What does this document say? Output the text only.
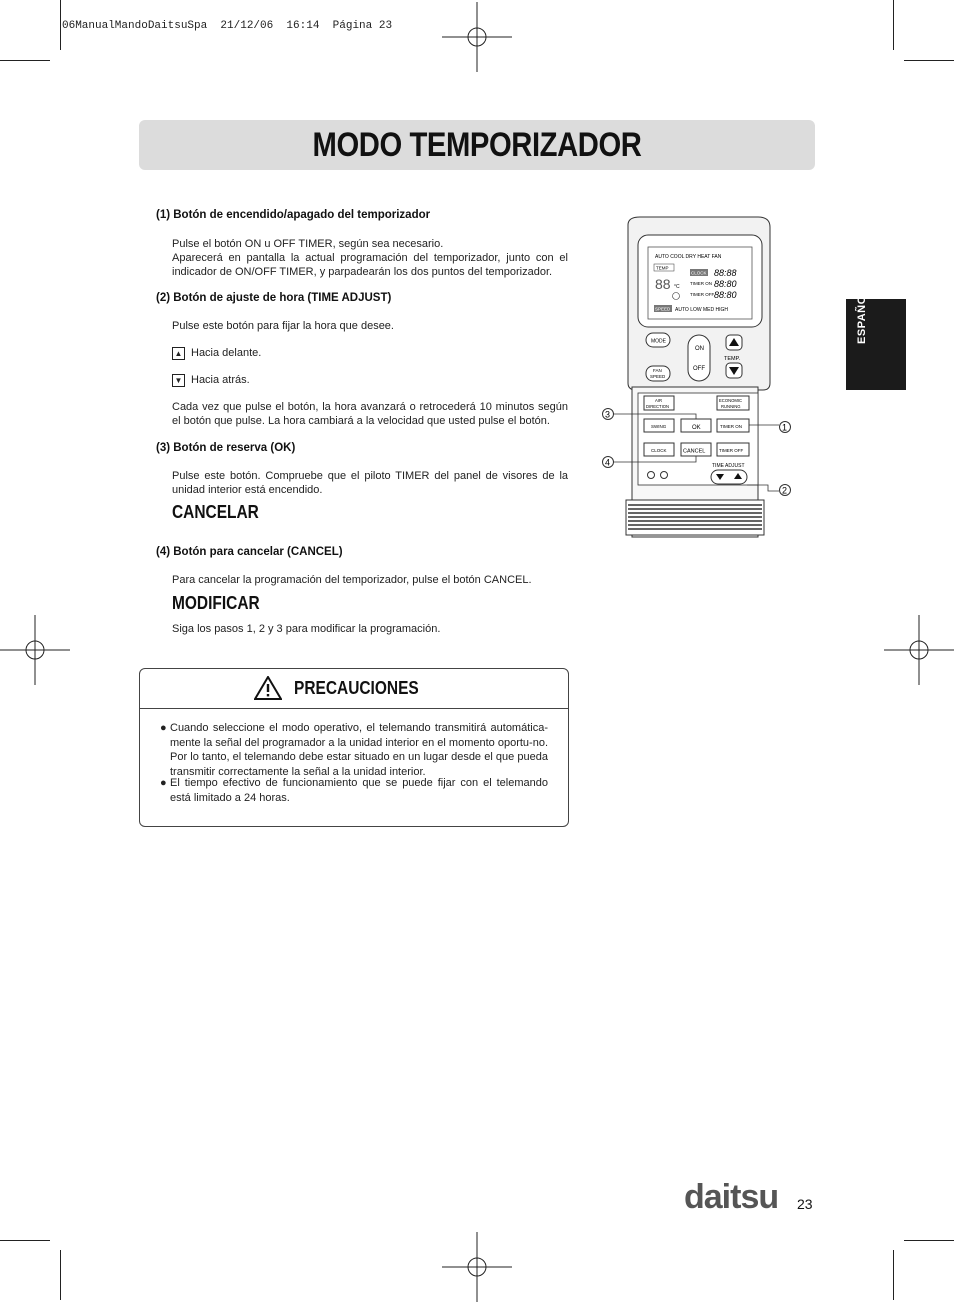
06ManualMandoDaitsuSpa  21/12/06  16:14  Página 23
MODO TEMPORIZADOR
ESPAÑOL
(1) Botón de encendido/apagado del temporizador
Pulse el botón ON u OFF TIMER, según sea necesario.
Aparecerá en pantalla la actual programación del temporizador, junto con el indicador de ON/OFF TIMER, y parpadearán los dos puntos del temporizador.
(2) Botón de ajuste de hora (TIME ADJUST)
Pulse este botón para fijar la hora que desee.
▲ Hacia delante.
▼ Hacia atrás.
Cada vez que pulse el botón, la hora avanzará o retrocederá 10 minutos según el botón que pulse. La hora cambiará a la velocidad que usted pulse el botón.
(3) Botón de reserva (OK)
Pulse este botón. Compruebe que el piloto TIMER del panel de visores de la unidad interior está encendido.
CANCELAR
(4) Botón para cancelar (CANCEL)
Para cancelar la programación del temporizador, pulse el botón CANCEL.
MODIFICAR
Siga los pasos 1, 2 y 3 para modificar la programación.
PRECAUCIONES
● Cuando seleccione el modo operativo, el telemando transmitirá automática-mente la señal del programador a la unidad interior en el momento oportu-no. Por lo tanto, el telemando debe estar situado en un lugar desde el que pueda transmitir correctamente la señal a la unidad interior.
● El tiempo efectivo de funcionamiento que se puede fijar con el telemando está limitado a 24 horas.
AUTO COOL DRY HEAT FAN
TEMP
88 °C
CLOCK 88:88
TIMER ON 88:80
TIMER OFF 88:80
SPEED AUTO LOW MED HIGH
MODE
ON
OFF
TEMP.
FAN
SPEED
AIR
DIRECTION
ECONOMIC
RUNNING
SWING	OK	TIMER ON
CLOCK	CANCEL	TIMER OFF
TIME ADJUST
1
2
3
4
daitsu 23
